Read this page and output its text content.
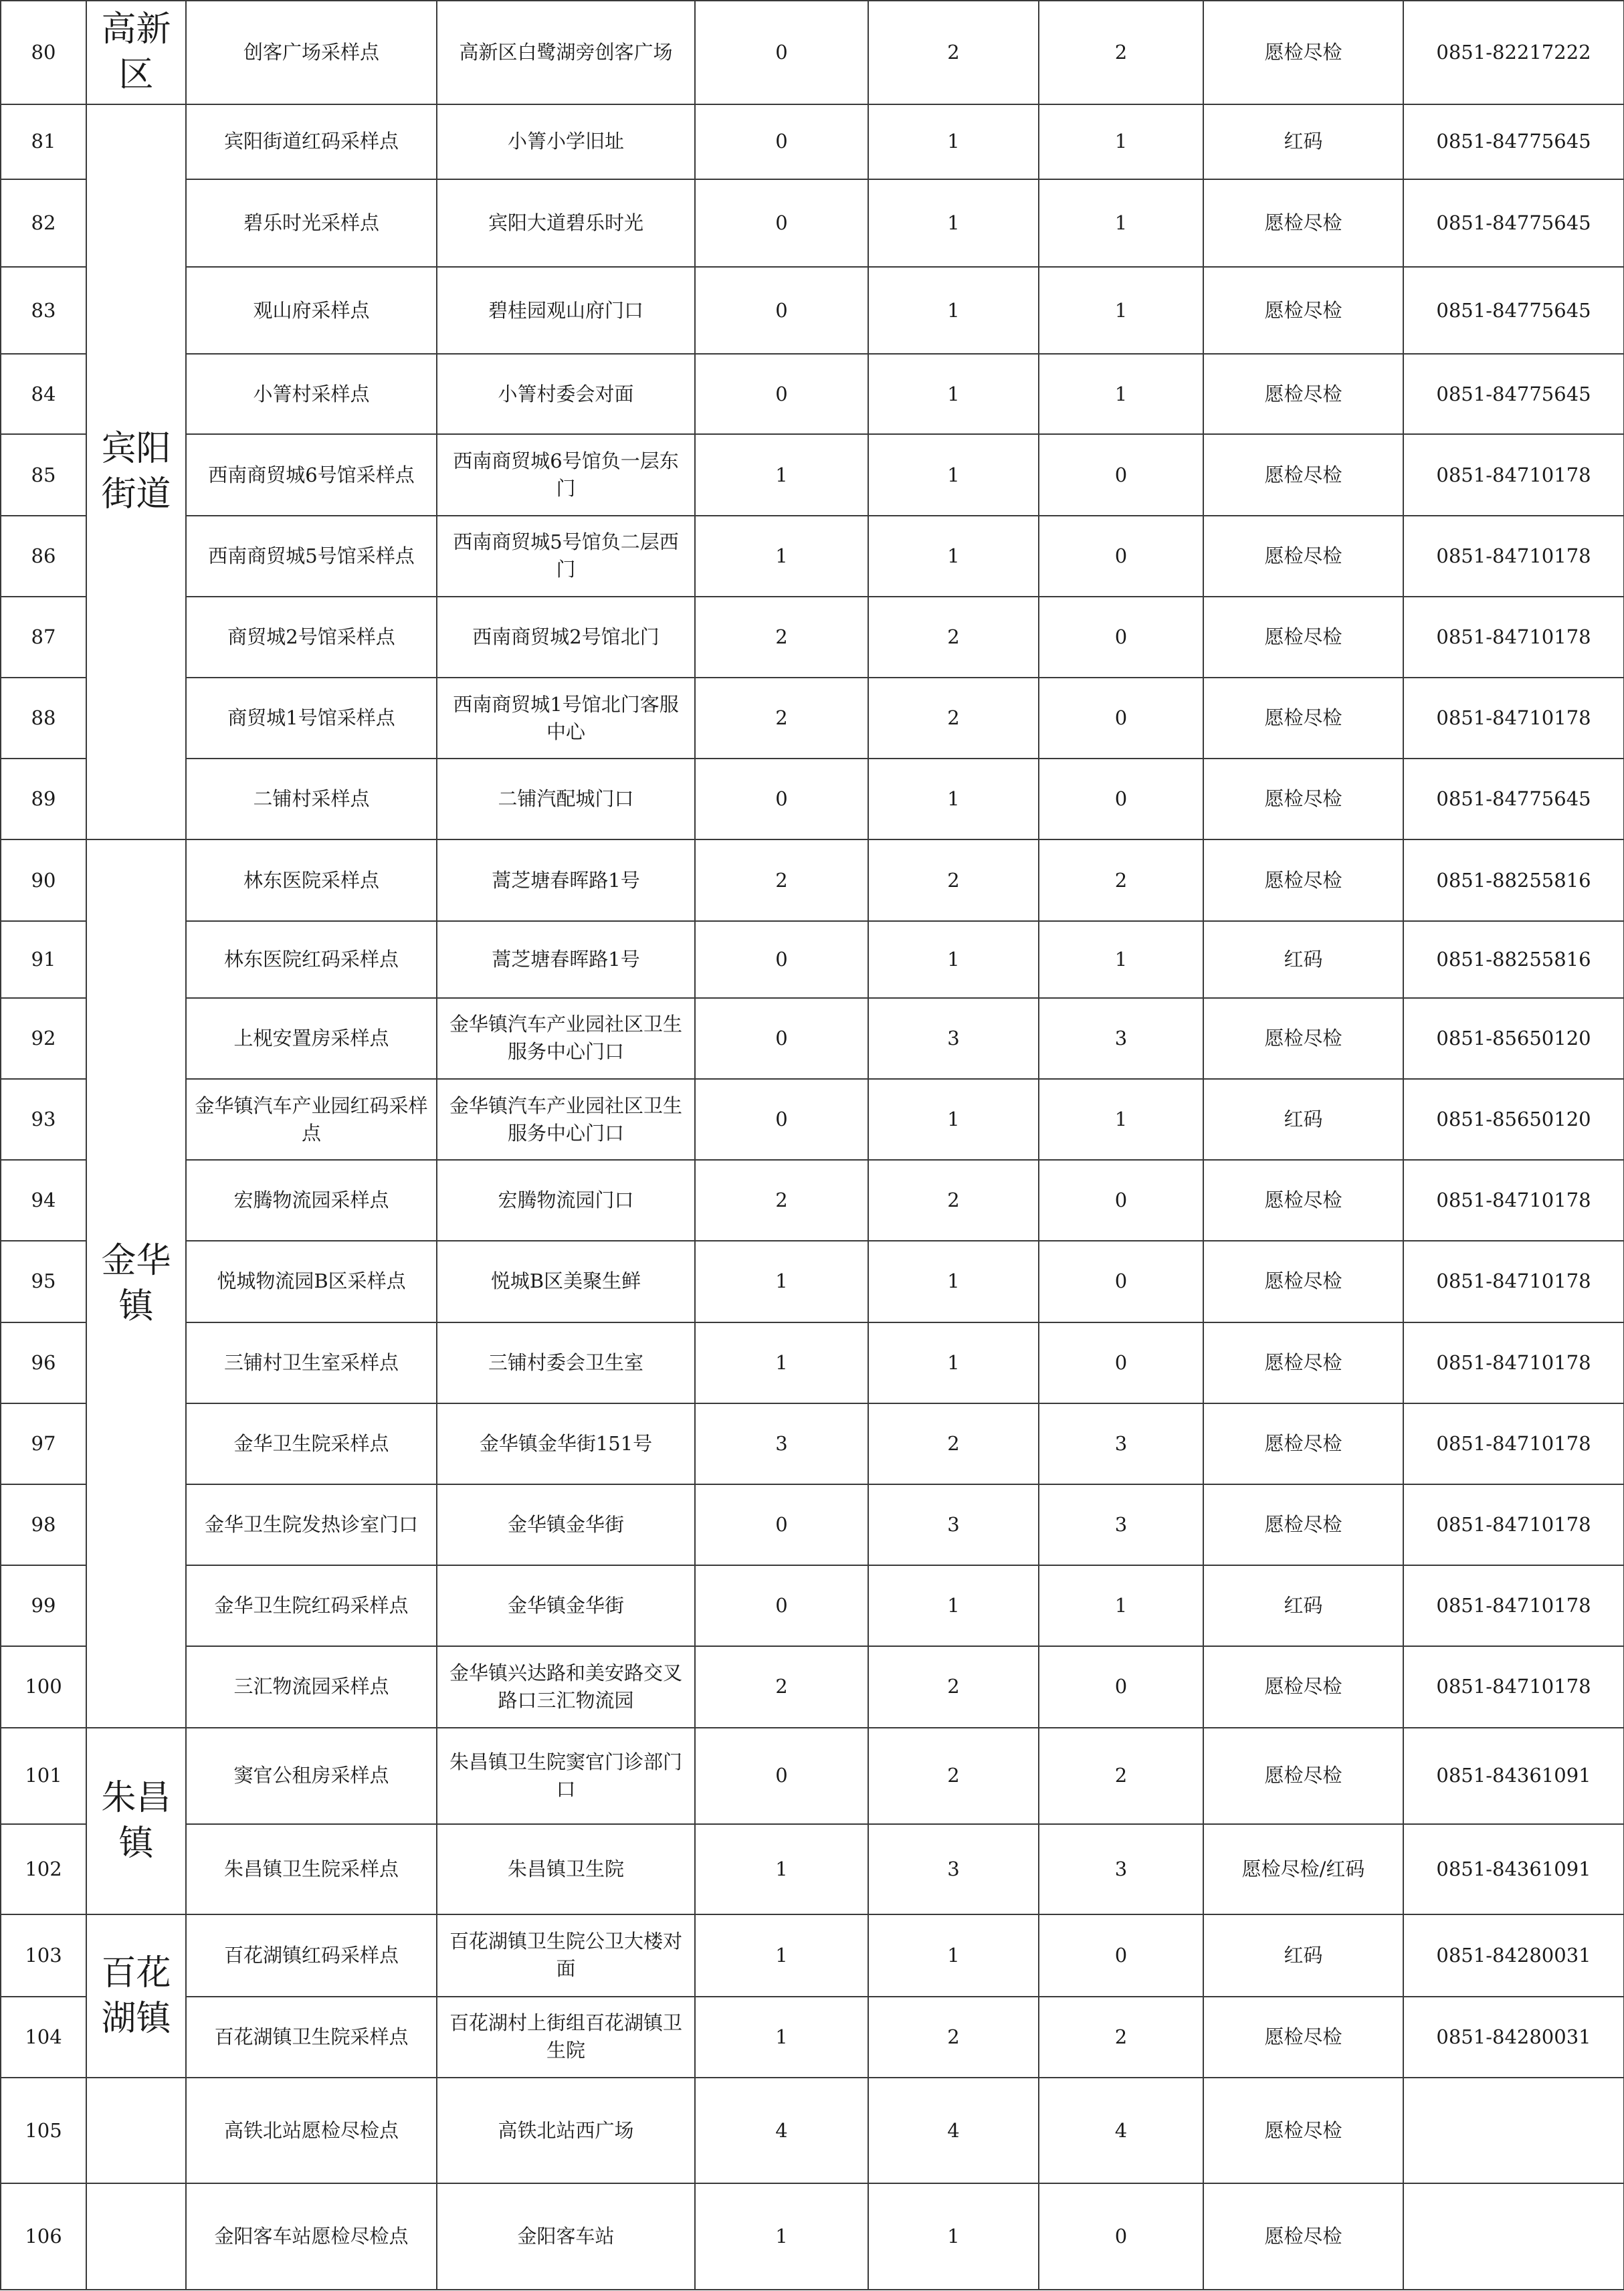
80	高新区	创客广场采样点	高新区白鹭湖旁创客广场	0	2	2	愿检尽检	0851-82217222
81	宾阳街道	宾阳街道红码采样点	小箐小学旧址	0	1	1	红码	0851-84775645
82		碧乐时光采样点	宾阳大道碧乐时光	0	1	1	愿检尽检	0851-84775645
83		观山府采样点	碧桂园观山府门口	0	1	1	愿检尽检	0851-84775645
84		小箐村采样点	小箐村委会对面	0	1	1	愿检尽检	0851-84775645
85		西南商贸城6号馆采样点	西南商贸城6号馆负一层东门	1	1	0	愿检尽检	0851-84710178
86		西南商贸城5号馆采样点	西南商贸城5号馆负二层西门	1	1	0	愿检尽检	0851-84710178
87		商贸城2号馆采样点	西南商贸城2号馆北门	2	2	0	愿检尽检	0851-84710178
88		商贸城1号馆采样点	西南商贸城1号馆北门客服中心	2	2	0	愿检尽检	0851-84710178
89		二铺村采样点	二铺汽配城门口	0	1	0	愿检尽检	0851-84775645
90	金华镇	林东医院采样点	蒿芝塘春晖路1号	2	2	2	愿检尽检	0851-88255816
91		林东医院红码采样点	蒿芝塘春晖路1号	0	1	1	红码	0851-88255816
92		上枧安置房采样点	金华镇汽车产业园社区卫生服务中心门口	0	3	3	愿检尽检	0851-85650120
93		金华镇汽车产业园红码采样点	金华镇汽车产业园社区卫生服务中心门口	0	1	1	红码	0851-85650120
94		宏腾物流园采样点	宏腾物流园门口	2	2	0	愿检尽检	0851-84710178
95		悦城物流园B区采样点	悦城B区美聚生鲜	1	1	0	愿检尽检	0851-84710178
96		三铺村卫生室采样点	三铺村委会卫生室	1	1	0	愿检尽检	0851-84710178
97		金华卫生院采样点	金华镇金华街151号	3	2	3	愿检尽检	0851-84710178
98		金华卫生院发热诊室门口	金华镇金华街	0	3	3	愿检尽检	0851-84710178
99		金华卫生院红码采样点	金华镇金华街	0	1	1	红码	0851-84710178
100		三汇物流园采样点	金华镇兴达路和美安路交叉路口三汇物流园	2	2	0	愿检尽检	0851-84710178
101	朱昌镇	窦官公租房采样点	朱昌镇卫生院窦官门诊部门口	0	2	2	愿检尽检	0851-84361091
102		朱昌镇卫生院采样点	朱昌镇卫生院	1	3	3	愿检尽检/红码	0851-84361091
103	百花湖镇	百花湖镇红码采样点	百花湖镇卫生院公卫大楼对面	1	1	0	红码	0851-84280031
104		百花湖镇卫生院采样点	百花湖村上街组百花湖镇卫生院	1	2	2	愿检尽检	0851-84280031
105		高铁北站愿检尽检点	高铁北站西广场	4	4	4	愿检尽检	
106		金阳客车站愿检尽检点	金阳客车站	1	1	0	愿检尽检	
